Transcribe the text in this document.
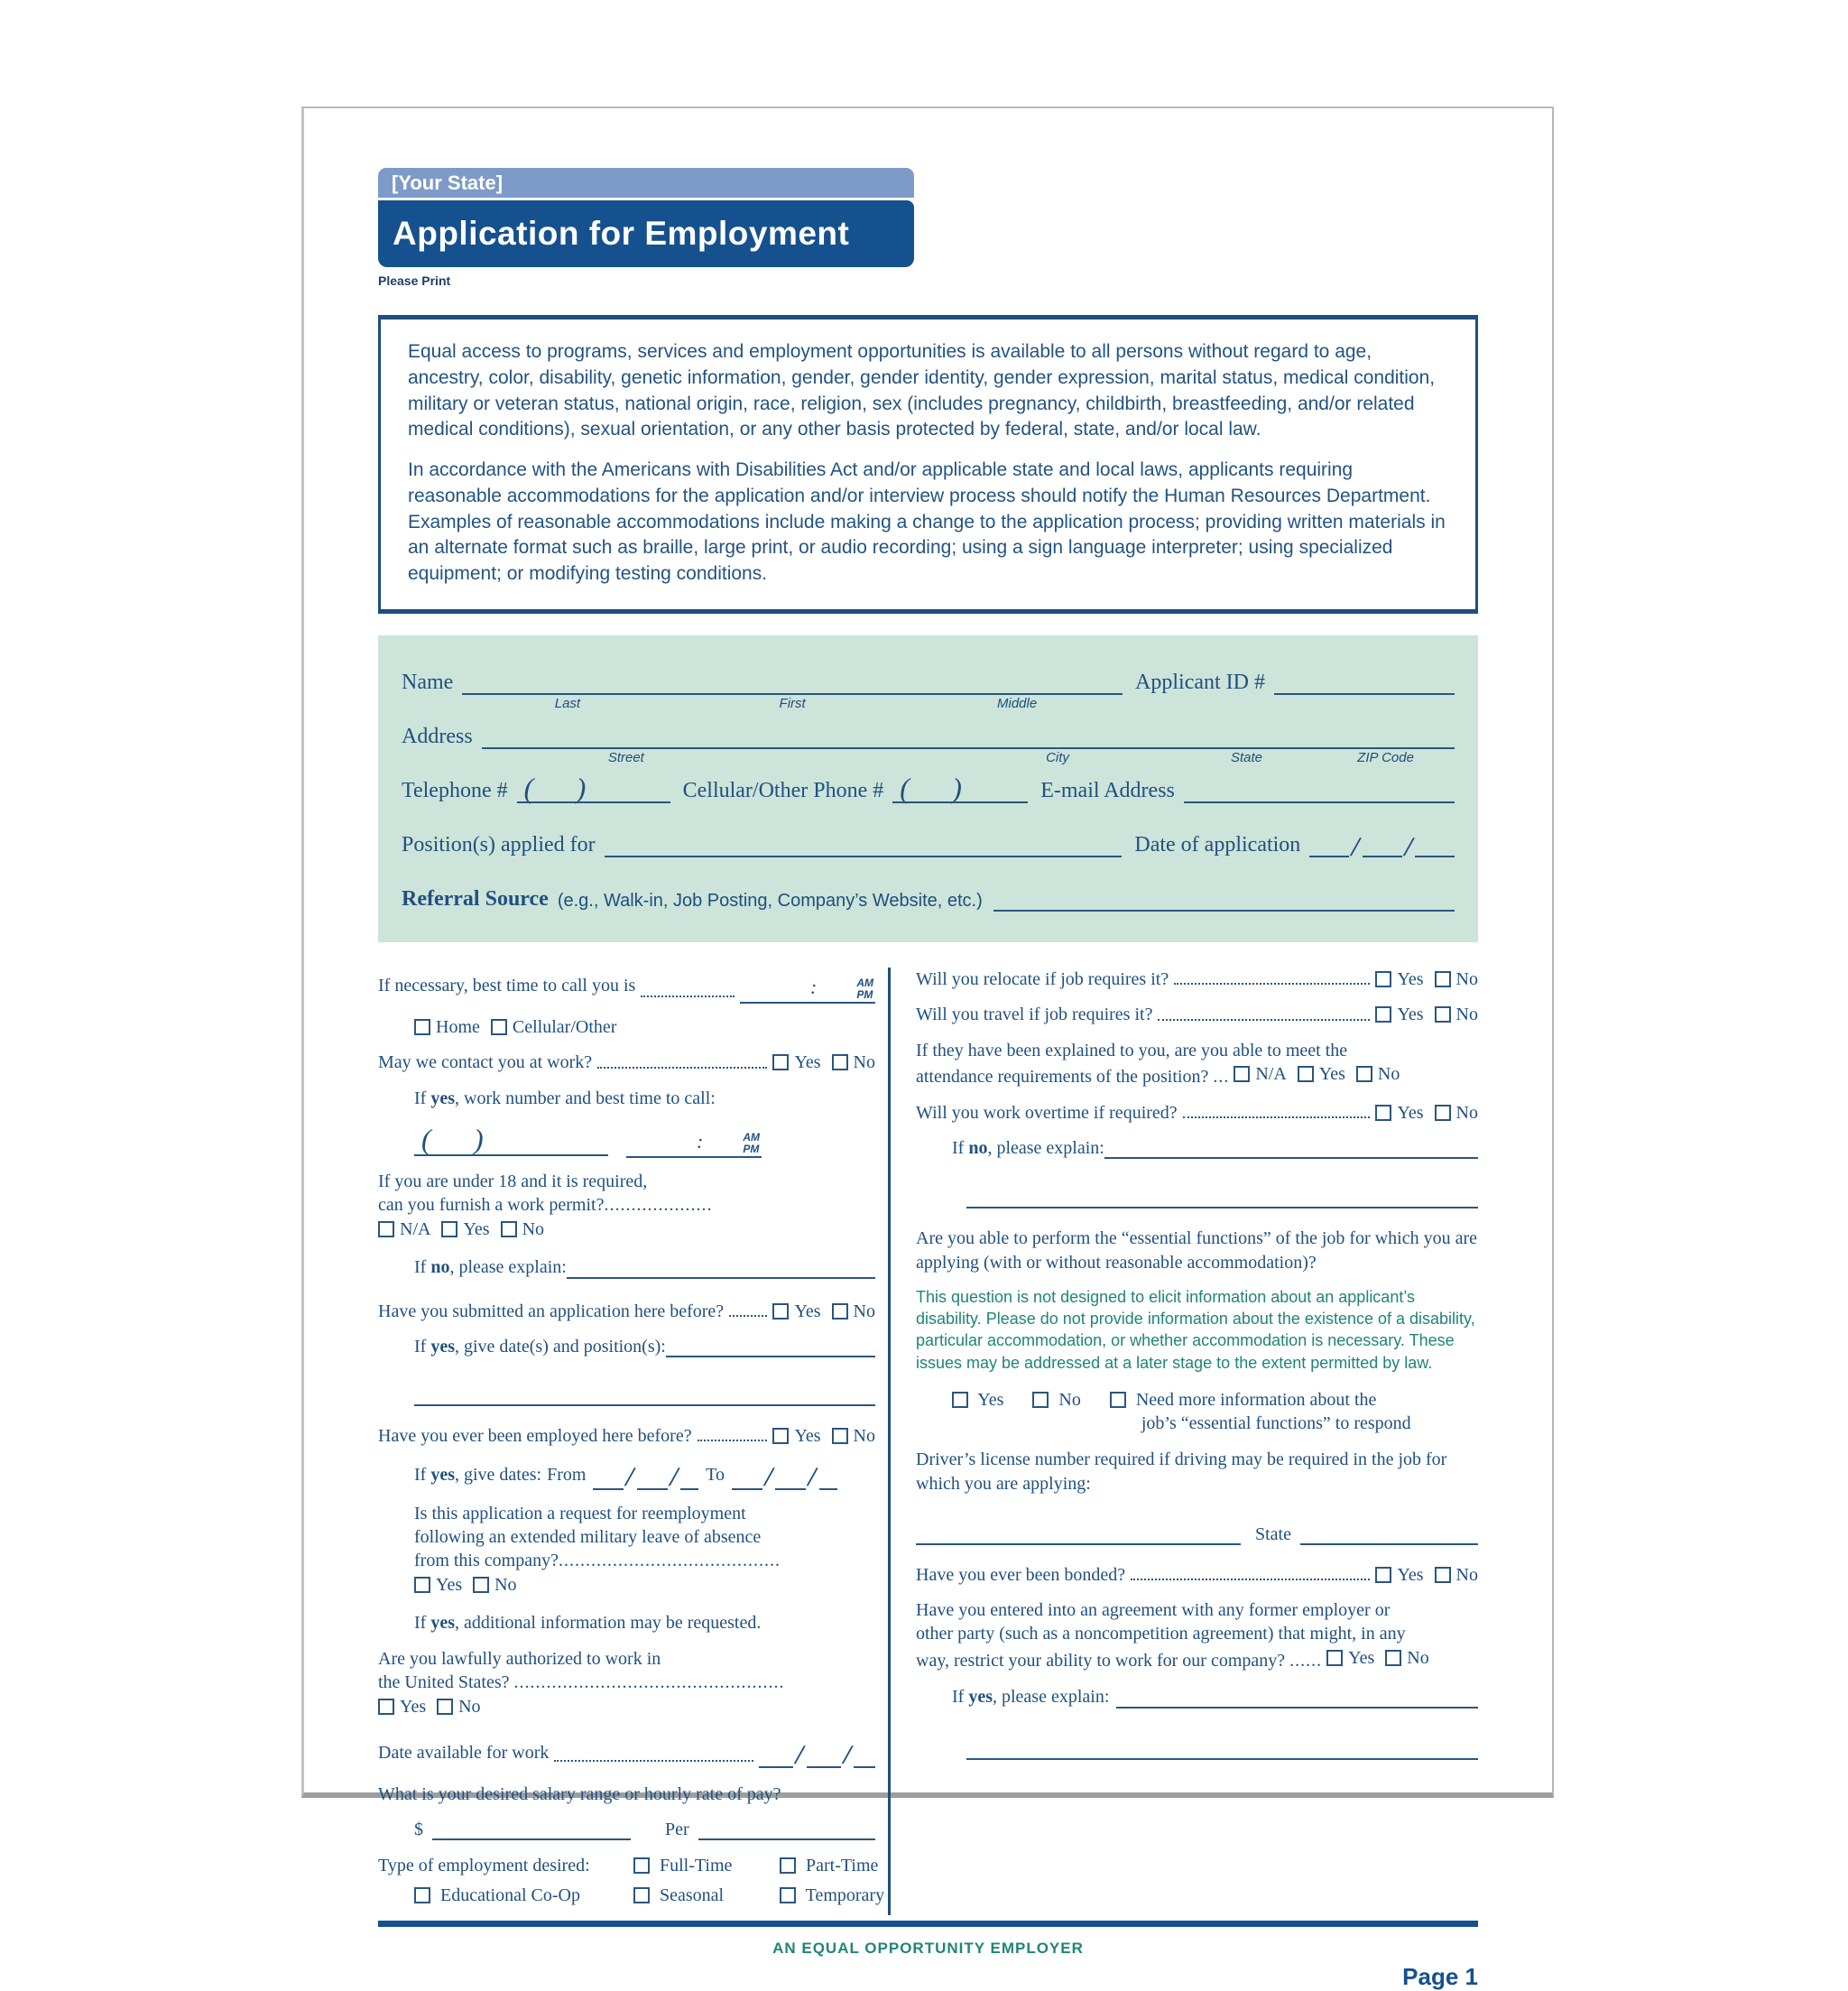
[Your State]
Application for Employment
Please Print

Equal access to programs, services and employment opportunities is available to all persons without regard to age, ancestry, color, disability, genetic information, gender, gender identity, gender expression, marital status, medical condition, military or veteran status, national origin, race, religion, sex (includes pregnancy, childbirth, breastfeeding, and/or related medical conditions), sexual orientation, or any other basis protected by federal, state, and/or local law.

In accordance with the Americans with Disabilities Act and/or applicable state and local laws, applicants requiring reasonable accommodations for the application and/or interview process should notify the Human Resources Department. Examples of reasonable accommodations include making a change to the application process; providing written materials in an alternate format such as braille, large print, or audio recording; using a sign language interpreter; using specialized equipment; or modifying testing conditions.

Name
Last	First	Middle
Applicant ID #
Address
Street	City	State	ZIP Code
Telephone # ( )	Cellular/Other Phone # ( )	E-mail Address
Position(s) applied for	Date of application	/ /
Referral Source (e.g., Walk-in, Job Posting, Company’s Website, etc.)
If necessary, best time to call you is	:	AM
PM
Home Cellular/Other
May we contact you at work?	Yes No
If yes, work number and best time to call:
( )	:	AM
PM
If you are under 18 and it is required,
can you furnish a work permit?....................
N/A Yes No
If no, please explain:
Have you submitted an application here before?	Yes No
If yes, give date(s) and position(s):
Have you ever been employed here before?	Yes No
If yes, give dates: From / /	To / /
Is this application a request for reemployment
following an extended military leave of absence
from this company?.........................................
Yes No
If yes, additional information may be requested.
Are you lawfully authorized to work in
the United States? ..................................................
Yes No
Date available for work	/ /
What is your desired salary range or hourly rate of pay?
$	Per
Type of employment desired:	Full-Time	Part-Time
Educational Co-Op	Seasonal	Temporary
Will you relocate if job requires it?	Yes No
Will you travel if job requires it?	Yes No
If they have been explained to you, are you able to meet the
attendance requirements of the position? ... N/A Yes No
Will you work overtime if required?	Yes No
If no, please explain:
Are you able to perform the “essential functions” of the job for which you are applying (with or without reasonable accommodation)?
This question is not designed to elicit information about an applicant’s disability. Please do not provide information about the existence of a disability, particular accommodation, or whether accommodation is necessary. These issues may be addressed at a later stage to the extent permitted by law.
Yes	No	Need more information about the
job’s “essential functions” to respond
Driver’s license number required if driving may be required in the job for which you are applying:
State
Have you ever been bonded?	Yes No
Have you entered into an agreement with any former employer or
other party (such as a noncompetition agreement) that might, in any
way, restrict your ability to work for our company? ...... Yes No
If yes, please explain:
AN EQUAL OPPORTUNITY EMPLOYER
Page 1
